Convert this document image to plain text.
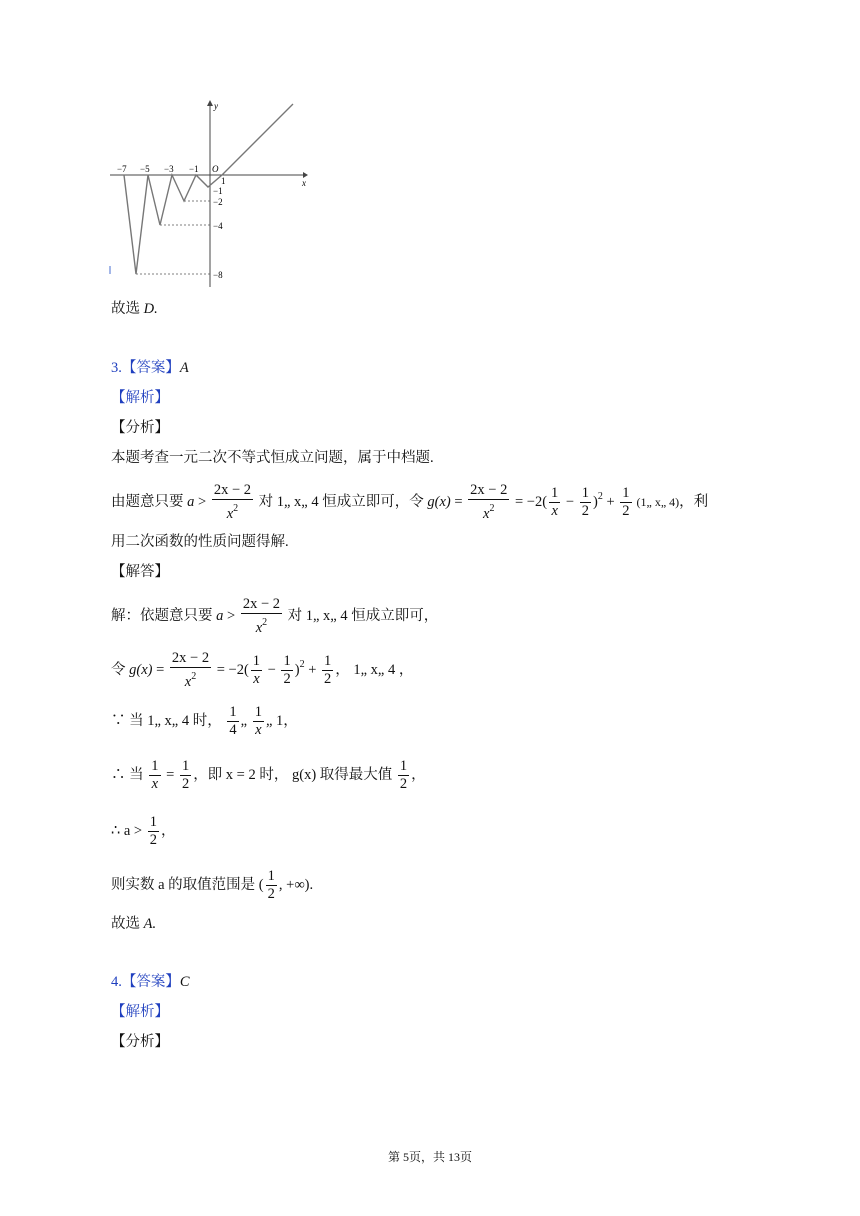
x
y
O
−7 −5 −3 −1
1
−1
−2
−4
−8
故选 D.
3.【答案】A
【解析】
【分析】
本题考查一元二次不等式恒成立问题，属于中档题.
由题意只要 $a > \frac{2x - 2}{x^2}$ 对 1„ x„ 4 恒成立即可，令 $g(x) = \frac{2x - 2}{x^2} = -2( \frac{1}{x} - \frac{1}{2} )^2 + \frac{1}{2}$ (1„ x„ 4)，利
用二次函数的性质问题得解.
【解答】
解：依题意只要 $a > \frac{2x - 2}{x^2}$ 对 1„ x„ 4 恒成立即可，
令 $g(x) = \frac{2x - 2}{x^2} = -2( \frac{1}{x} - \frac{1}{2} )^2 + \frac{1}{2}$ ， 1„ x„ 4 ，
∵ 当 1„ x„ 4 时， $\frac{1}{4}$ „ $\frac{1}{x}$ „ 1，
∴ 当 $\frac{1}{x} = \frac{1}{2}$ ，即 x = 2 时， g(x) 取得最大值 $\frac{1}{2}$ ，
∴ $a > \frac{1}{2}$ ，
则实数 a 的取值范围是 ( $\frac{1}{2}$ , +∞).
故选 A.
4.【答案】C
【解析】
【分析】
第 5页，共 13页
